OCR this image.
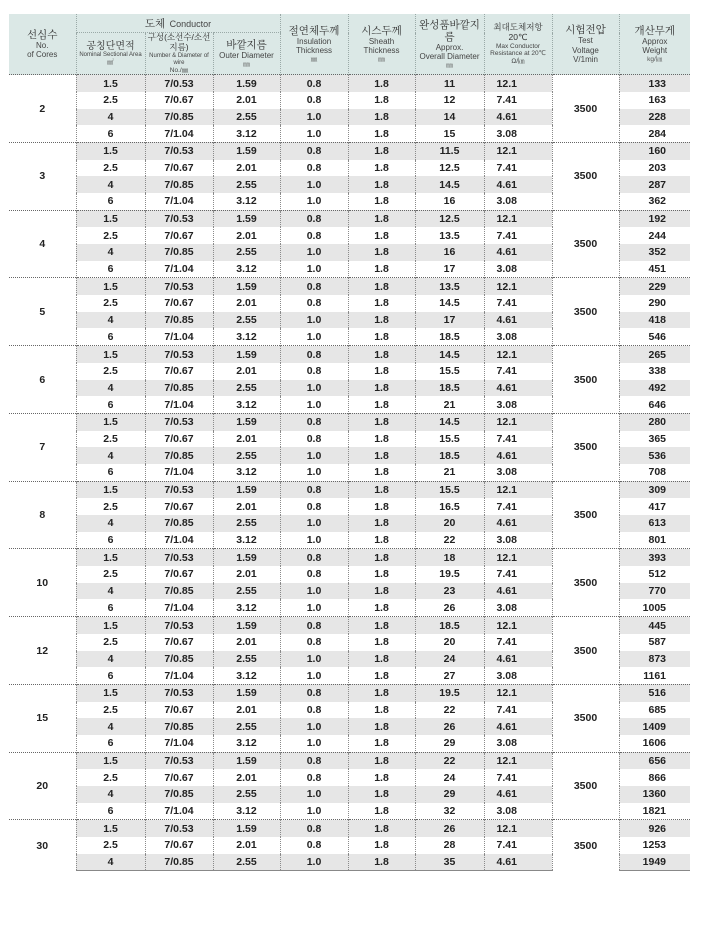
선심수
No.
of Cores	도체 Conductor			절연체두께
Insulation
Thickness
㎜	시스두께
Sheath
Thickness
㎜	완성품바깥지름
Approx.
Overall Diameter
㎜	최대도체저항20℃
Max Conductor
Resistance at 20℃
Ω/㎞	시험전압
Test
Voltage
V/1min	개산무게
Approx
Weight
kg/㎞

	공칭단면적
Nominal Sectional Area
㎟	구성(소선수/소선지름)
Number & Diameter of wire
No./㎜	바깥지름
Outer Diameter
㎜						

2	1.5	7/0.53	1.59	0.8	1.8	11	12.1	3500	133
	2.5	7/0.67	2.01	0.8	1.8	12	7.41		163
	4	7/0.85	2.55	1.0	1.8	14	4.61		228
	6	7/1.04	3.12	1.0	1.8	15	3.08		284
3	1.5	7/0.53	1.59	0.8	1.8	11.5	12.1	3500	160
	2.5	7/0.67	2.01	0.8	1.8	12.5	7.41		203
	4	7/0.85	2.55	1.0	1.8	14.5	4.61		287
	6	7/1.04	3.12	1.0	1.8	16	3.08		362
4	1.5	7/0.53	1.59	0.8	1.8	12.5	12.1	3500	192
	2.5	7/0.67	2.01	0.8	1.8	13.5	7.41		244
	4	7/0.85	2.55	1.0	1.8	16	4.61		352
	6	7/1.04	3.12	1.0	1.8	17	3.08		451
5	1.5	7/0.53	1.59	0.8	1.8	13.5	12.1	3500	229
	2.5	7/0.67	2.01	0.8	1.8	14.5	7.41		290
	4	7/0.85	2.55	1.0	1.8	17	4.61		418
	6	7/1.04	3.12	1.0	1.8	18.5	3.08		546
6	1.5	7/0.53	1.59	0.8	1.8	14.5	12.1	3500	265
	2.5	7/0.67	2.01	0.8	1.8	15.5	7.41		338
	4	7/0.85	2.55	1.0	1.8	18.5	4.61		492
	6	7/1.04	3.12	1.0	1.8	21	3.08		646
7	1.5	7/0.53	1.59	0.8	1.8	14.5	12.1	3500	280
	2.5	7/0.67	2.01	0.8	1.8	15.5	7.41		365
	4	7/0.85	2.55	1.0	1.8	18.5	4.61		536
	6	7/1.04	3.12	1.0	1.8	21	3.08		708
8	1.5	7/0.53	1.59	0.8	1.8	15.5	12.1	3500	309
	2.5	7/0.67	2.01	0.8	1.8	16.5	7.41		417
	4	7/0.85	2.55	1.0	1.8	20	4.61		613
	6	7/1.04	3.12	1.0	1.8	22	3.08		801
10	1.5	7/0.53	1.59	0.8	1.8	18	12.1	3500	393
	2.5	7/0.67	2.01	0.8	1.8	19.5	7.41		512
	4	7/0.85	2.55	1.0	1.8	23	4.61		770
	6	7/1.04	3.12	1.0	1.8	26	3.08		1005
12	1.5	7/0.53	1.59	0.8	1.8	18.5	12.1	3500	445
	2.5	7/0.67	2.01	0.8	1.8	20	7.41		587
	4	7/0.85	2.55	1.0	1.8	24	4.61		873
	6	7/1.04	3.12	1.0	1.8	27	3.08		1161
15	1.5	7/0.53	1.59	0.8	1.8	19.5	12.1	3500	516
	2.5	7/0.67	2.01	0.8	1.8	22	7.41		685
	4	7/0.85	2.55	1.0	1.8	26	4.61		1409
	6	7/1.04	3.12	1.0	1.8	29	3.08		1606
20	1.5	7/0.53	1.59	0.8	1.8	22	12.1	3500	656
	2.5	7/0.67	2.01	0.8	1.8	24	7.41		866
	4	7/0.85	2.55	1.0	1.8	29	4.61		1360
	6	7/1.04	3.12	1.0	1.8	32	3.08		1821
30	1.5	7/0.53	1.59	0.8	1.8	26	12.1	3500	926
	2.5	7/0.67	2.01	0.8	1.8	28	7.41		1253
	4	7/0.85	2.55	1.0	1.8	35	4.61		1949
